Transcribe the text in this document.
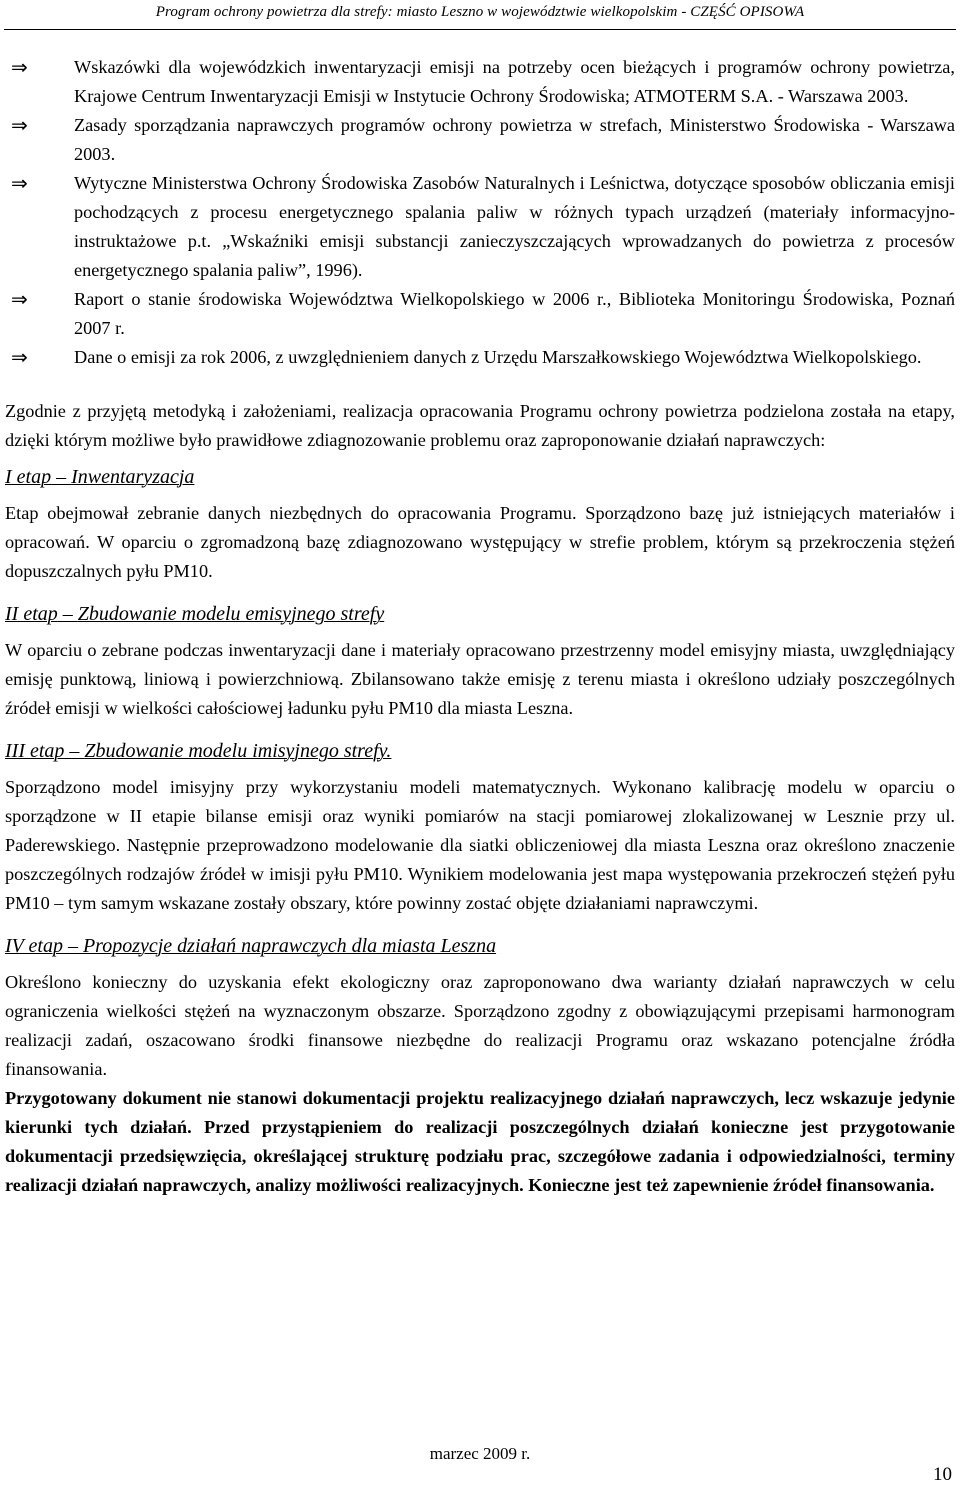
Program ochrony powietrza dla strefy: miasto Leszno w województwie wielkopolskim - CZĘŚĆ OPISOWA
⇒	Wskazówki dla wojewódzkich inwentaryzacji emisji na potrzeby ocen bieżących i programów ochrony powietrza, Krajowe Centrum Inwentaryzacji Emisji w Instytucie Ochrony Środowiska; ATMOTERM S.A. - Warszawa 2003.
⇒	Zasady sporządzania naprawczych programów ochrony powietrza w strefach, Ministerstwo Środowiska - Warszawa 2003.
⇒	Wytyczne Ministerstwa Ochrony Środowiska Zasobów Naturalnych i Leśnictwa, dotyczące sposobów obliczania emisji pochodzących z procesu energetycznego spalania paliw w różnych typach urządzeń (materiały informacyjno-instruktażowe p.t. „Wskaźniki emisji substancji zanieczyszczających wprowadzanych do powietrza z procesów energetycznego spalania paliw”, 1996).
⇒	Raport o stanie środowiska Województwa Wielkopolskiego w 2006 r., Biblioteka Monitoringu Środowiska, Poznań 2007 r.
⇒	Dane o emisji za rok 2006, z uwzględnieniem danych z Urzędu Marszałkowskiego Województwa Wielkopolskiego.

Zgodnie z przyjętą metodyką i założeniami, realizacja opracowania Programu ochrony powietrza podzielona została na etapy, dzięki którym możliwe było prawidłowe zdiagnozowanie problemu oraz zaproponowanie działań naprawczych:

I etap – Inwentaryzacja

Etap obejmował zebranie danych niezbędnych do opracowania Programu. Sporządzono bazę już istniejących materiałów i opracowań. W oparciu o zgromadzoną bazę zdiagnozowano występujący w strefie problem, którym są przekroczenia stężeń dopuszczalnych pyłu PM10.

II etap – Zbudowanie modelu emisyjnego strefy

W oparciu o zebrane podczas inwentaryzacji dane i materiały opracowano przestrzenny model emisyjny miasta, uwzględniający emisję punktową, liniową i powierzchniową. Zbilansowano także emisję z terenu miasta i określono udziały poszczególnych źródeł emisji w wielkości całościowej ładunku pyłu PM10 dla miasta Leszna.

III etap – Zbudowanie modelu imisyjnego strefy.

Sporządzono model imisyjny przy wykorzystaniu modeli matematycznych. Wykonano kalibrację modelu w oparciu o sporządzone w II etapie bilanse emisji oraz wyniki pomiarów na stacji pomiarowej zlokalizowanej w Lesznie przy ul. Paderewskiego. Następnie przeprowadzono modelowanie dla siatki obliczeniowej dla miasta Leszna oraz określono znaczenie poszczególnych rodzajów źródeł w imisji pyłu PM10. Wynikiem modelowania jest mapa występowania przekroczeń stężeń pyłu PM10 – tym samym wskazane zostały obszary, które powinny zostać objęte działaniami naprawczymi.

IV etap – Propozycje działań naprawczych dla miasta Leszna

Określono konieczny do uzyskania efekt ekologiczny oraz zaproponowano dwa warianty działań naprawczych w celu ograniczenia wielkości stężeń na wyznaczonym obszarze. Sporządzono zgodny z obowiązującymi przepisami harmonogram realizacji zadań, oszacowano środki finansowe niezbędne do realizacji Programu oraz wskazano potencjalne źródła finansowania.

Przygotowany dokument nie stanowi dokumentacji projektu realizacyjnego działań naprawczych, lecz wskazuje jedynie kierunki tych działań. Przed przystąpieniem do realizacji poszczególnych działań konieczne jest przygotowanie dokumentacji przedsięwzięcia, określającej strukturę podziału prac, szczegółowe zadania i odpowiedzialności, terminy realizacji działań naprawczych, analizy możliwości realizacyjnych. Konieczne jest też zapewnienie źródeł finansowania.

marzec 2009 r.
10
